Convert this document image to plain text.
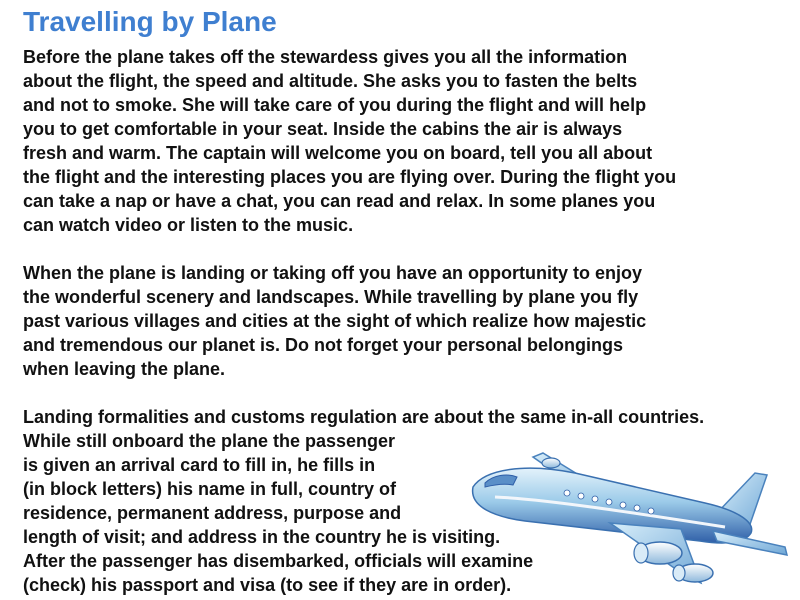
Travelling by Plane

Before the plane takes off the stewardess gives you all the information
about the flight, the speed and altitude. She asks you to fasten the belts
and not to smoke. She will take care of you during the flight and will help
you to get comfortable in your seat. Inside the cabins the air is always
fresh and warm. The captain will welcome you on board, tell you all about
the flight and the interesting places you are flying over. During the flight you
can take a nap or have a chat, you can read and relax. In some planes you
can watch video or listen to the music.

When the plane is landing or taking off you have an opportunity to enjoy
the wonderful scenery and landscapes. While travelling by plane you fly
past various villages and cities at the sight of which realize how majestic
and tremendous our planet is. Do not forget your personal belongings
when leaving the plane.

Landing formalities and customs regulation are about the same in-all countries.
While still onboard the plane the passenger
is given an arrival card to fill in, he fills in
(in block letters) his name in full, country of
residence, permanent address, purpose and
length of visit; and address in the country he is visiting.
After the passenger has disembarked, officials will examine
(check) his passport and visa (to see if they are in order).
